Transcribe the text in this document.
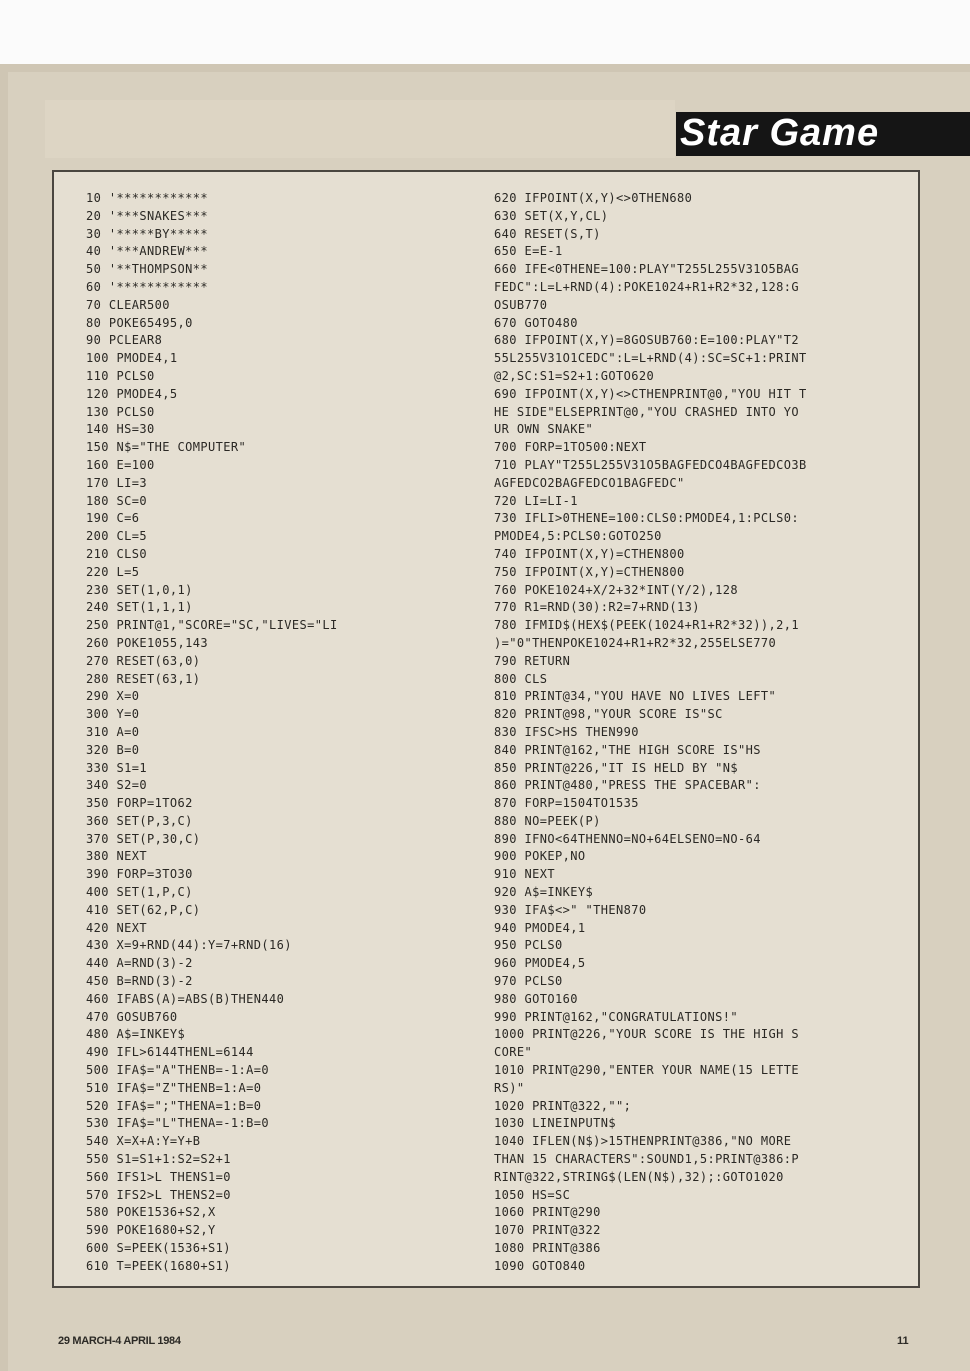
Star Game
10 '************
20 '***SNAKES***
30 '*****BY*****
40 '***ANDREW***
50 '**THOMPSON**
60 '************
70 CLEAR500
80 POKE65495,0
90 PCLEAR8
100 PMODE4,1
110 PCLS0
120 PMODE4,5
130 PCLS0
140 HS=30
150 N$="THE COMPUTER"
160 E=100
170 LI=3
180 SC=0
190 C=6
200 CL=5
210 CLS0
220 L=5
230 SET(1,0,1)
240 SET(1,1,1)
250 PRINT@1,"SCORE="SC,"LIVES="LI
260 POKE1055,143
270 RESET(63,0)
280 RESET(63,1)
290 X=0
300 Y=0
310 A=0
320 B=0
330 S1=1
340 S2=0
350 FORP=1TO62
360 SET(P,3,C)
370 SET(P,30,C)
380 NEXT
390 FORP=3TO30
400 SET(1,P,C)
410 SET(62,P,C)
420 NEXT
430 X=9+RND(44):Y=7+RND(16)
440 A=RND(3)-2
450 B=RND(3)-2
460 IFABS(A)=ABS(B)THEN440
470 GOSUB760
480 A$=INKEY$
490 IFL>6144THENL=6144
500 IFA$="A"THENB=-1:A=0
510 IFA$="Z"THENB=1:A=0
520 IFA$=";"THENA=1:B=0
530 IFA$="L"THENA=-1:B=0
540 X=X+A:Y=Y+B
550 S1=S1+1:S2=S2+1
560 IFS1>L THENS1=0
570 IFS2>L THENS2=0
580 POKE1536+S2,X
590 POKE1680+S2,Y
600 S=PEEK(1536+S1)
610 T=PEEK(1680+S1)
620 IFPOINT(X,Y)<>0THEN680
630 SET(X,Y,CL)
640 RESET(S,T)
650 E=E-1
660 IFE<0THENE=100:PLAY"T255L255V31O5BAG
FEDC":L=L+RND(4):POKE1024+R1+R2*32,128:G
OSUB770
670 GOTO480
680 IFPOINT(X,Y)=8GOSUB760:E=100:PLAY"T2
55L255V31O1CEDC":L=L+RND(4):SC=SC+1:PRINT
@2,SC:S1=S2+1:GOTO620
690 IFPOINT(X,Y)<>CTHENPRINT@0,"YOU HIT T
HE SIDE"ELSEPRINT@0,"YOU CRASHED INTO YO
UR OWN SNAKE"
700 FORP=1TO500:NEXT
710 PLAY"T255L255V31O5BAGFEDCO4BAGFEDCO3B
AGFEDCO2BAGFEDCO1BAGFEDC"
720 LI=LI-1
730 IFLI>0THENE=100:CLS0:PMODE4,1:PCLS0:
PMODE4,5:PCLS0:GOTO250
740 IFPOINT(X,Y)=CTHEN800
750 IFPOINT(X,Y)=CTHEN800
760 POKE1024+X/2+32*INT(Y/2),128
770 R1=RND(30):R2=7+RND(13)
780 IFMID$(HEX$(PEEK(1024+R1+R2*32)),2,1
)="0"THENPOKE1024+R1+R2*32,255ELSE770
790 RETURN
800 CLS
810 PRINT@34,"YOU HAVE NO LIVES LEFT"
820 PRINT@98,"YOUR SCORE IS"SC
830 IFSC>HS THEN990
840 PRINT@162,"THE HIGH SCORE IS"HS
850 PRINT@226,"IT IS HELD BY "N$
860 PRINT@480,"PRESS THE SPACEBAR":
870 FORP=1504TO1535
880 NO=PEEK(P)
890 IFNO<64THENNO=NO+64ELSENO=NO-64
900 POKEP,NO
910 NEXT
920 A$=INKEY$
930 IFA$<>" "THEN870
940 PMODE4,1
950 PCLS0
960 PMODE4,5
970 PCLS0
980 GOTO160
990 PRINT@162,"CONGRATULATIONS!"
1000 PRINT@226,"YOUR SCORE IS THE HIGH S
CORE"
1010 PRINT@290,"ENTER YOUR NAME(15 LETTE
RS)"
1020 PRINT@322,"";
1030 LINEINPUTN$
1040 IFLEN(N$)>15THENPRINT@386,"NO MORE
THAN 15 CHARACTERS":SOUND1,5:PRINT@386:P
RINT@322,STRING$(LEN(N$),32);:GOTO1020
1050 HS=SC
1060 PRINT@290
1070 PRINT@322
1080 PRINT@386
1090 GOTO840
29 MARCH-4 APRIL 1984	11
